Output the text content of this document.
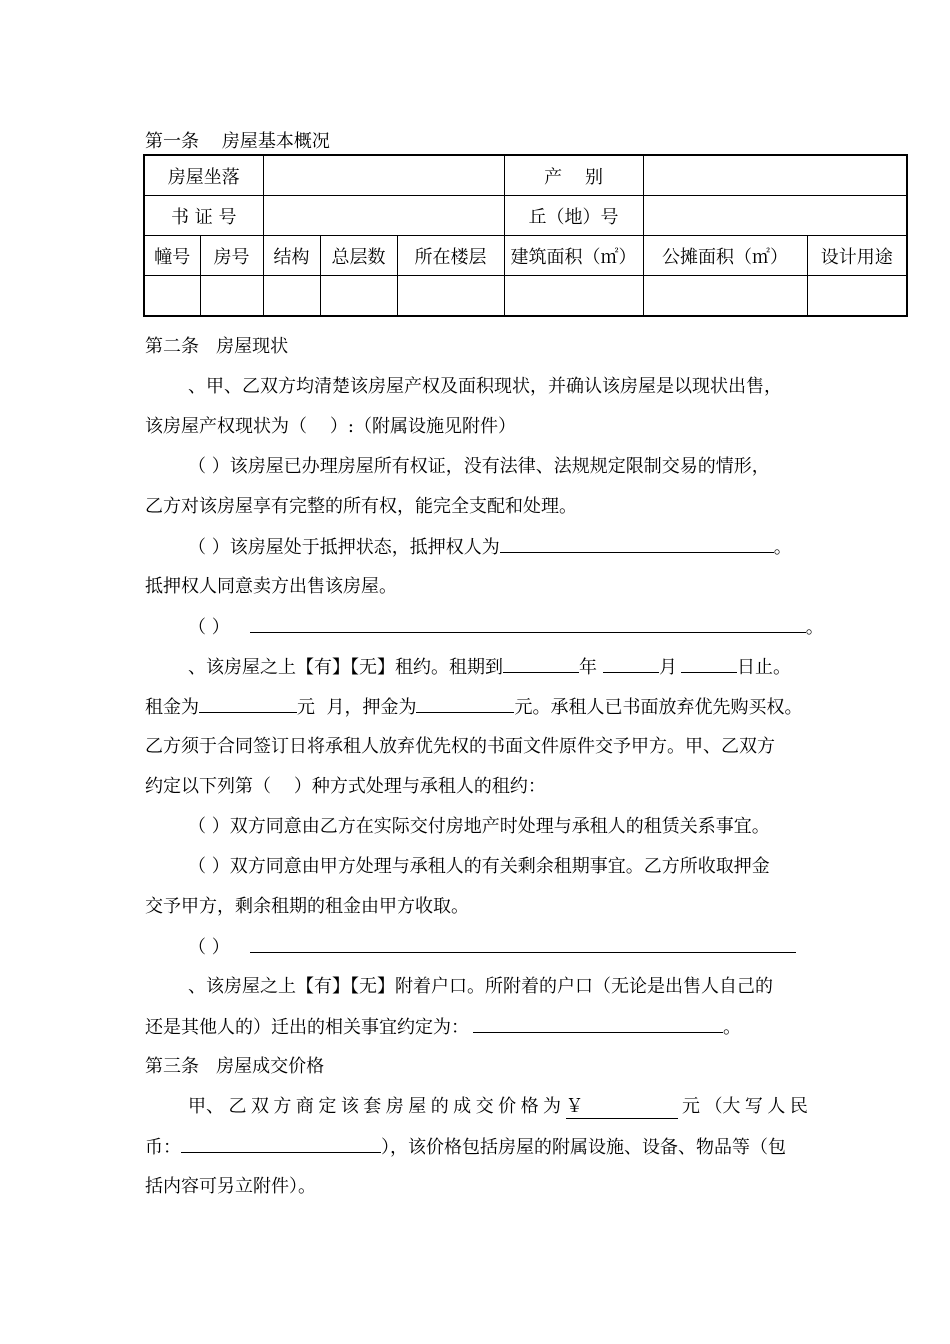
第一条    房屋基本概况
房屋坐落					产    别		
书 证 号					丘（地）号		
幢号	房号	结构	总层数	所在楼层	建筑面积（㎡）	公摊面积（㎡）	设计用途

第二条   房屋现状
、甲、乙双方均清楚该房屋产权及面积现状，并确认该房屋是以现状出售，
该房屋产权现状为（    ）:（附属设施见附件）
（ ）该房屋已办理房屋所有权证，没有法律、法规规定限制交易的情形，
乙方对该房屋享有完整的所有权，能完全支配和处理。
（ ）该房屋处于抵押状态，抵押权人为	。
抵押权人同意卖方出售该房屋。
（ ）	。
、该房屋之上【有】【无】租约。租期到	年	月	日止。
租金为	元  月，押金为	元。承租人已书面放弃优先购买权。
乙方须于合同签订日将承租人放弃优先权的书面文件原件交予甲方。甲、乙双方
约定以下列第（    ）种方式处理与承租人的租约：
（ ）双方同意由乙方在实际交付房地产时处理与承租人的租赁关系事宜。
（ ）双方同意由甲方处理与承租人的有关剩余租期事宜。乙方所收取押金
交予甲方，剩余租期的租金由甲方收取。
（ ）
、该房屋之上【有】【无】附着户口。所附着的户口（无论是出售人自己的
还是其他人的）迁出的相关事宜约定为：	。
第三条   房屋成交价格
甲、 乙 双 方 商 定 该 套 房 屋 的 成 交 价 格 为 ￥	元 （大 写 人 民
币：	），该价格包括房屋的附属设施、设备、物品等（包
括内容可另立附件）。
